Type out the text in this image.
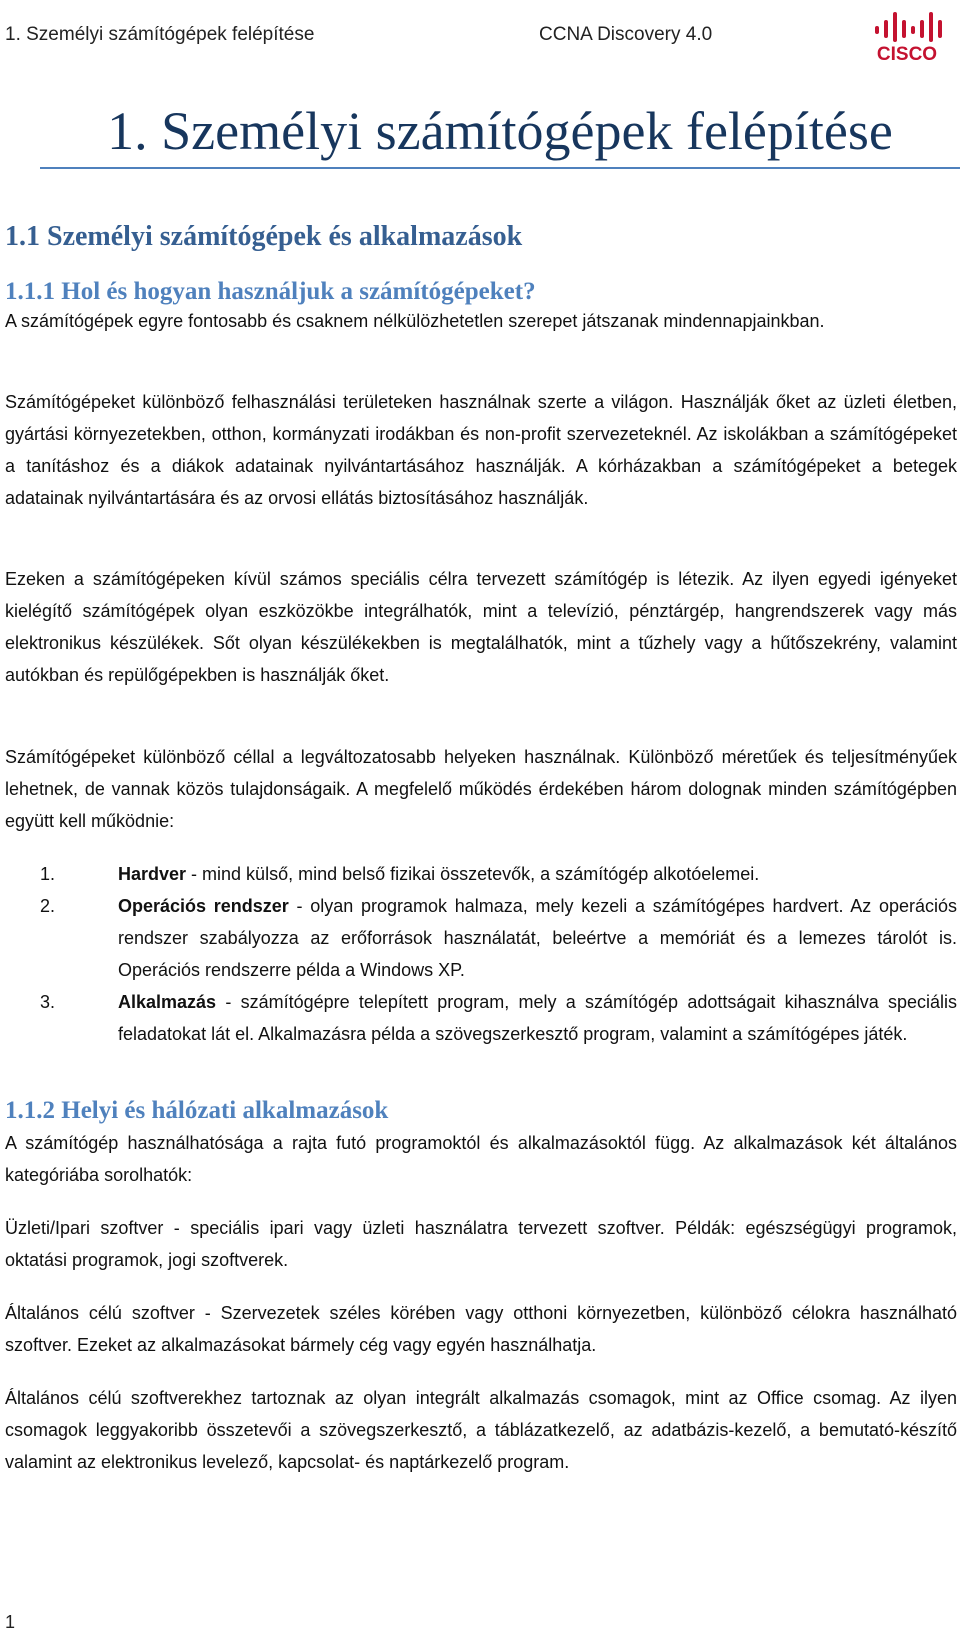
1. Személyi számítógépek felépítése	CCNA Discovery 4.0
CISCO
1. Személyi számítógépek felépítése
1.1 Személyi számítógépek és alkalmazások
1.1.1 Hol és hogyan használjuk a számítógépeket?
A számítógépek egyre fontosabb és csaknem nélkülözhetetlen szerepet játszanak mindennapjainkban.
Számítógépeket különböző felhasználási területeken használnak szerte a világon. Használják őket az üzleti életben, gyártási környezetekben, otthon, kormányzati irodákban és non-profit szervezeteknél. Az iskolákban a számítógépeket a tanításhoz és a diákok adatainak nyilvántartásához használják. A kórházakban a számítógépeket a betegek adatainak nyilvántartására és az orvosi ellátás biztosításához használják.
Ezeken a számítógépeken kívül számos speciális célra tervezett számítógép is létezik. Az ilyen egyedi igényeket kielégítő számítógépek olyan eszközökbe integrálhatók, mint a televízió, pénztárgép, hangrendszerek vagy más elektronikus készülékek. Sőt olyan készülékekben is megtalálhatók, mint a tűzhely vagy a hűtőszekrény, valamint autókban és repülőgépekben is használják őket.
Számítógépeket különböző céllal a legváltozatosabb helyeken használnak. Különböző méretűek és teljesítményűek lehetnek, de vannak közös tulajdonságaik. A megfelelő működés érdekében három dolognak minden számítógépben együtt kell működnie:
1.	Hardver - mind külső, mind belső fizikai összetevők, a számítógép alkotóelemei.
2.	Operációs rendszer - olyan programok halmaza, mely kezeli a számítógépes hardvert. Az operációs rendszer szabályozza az erőforrások használatát, beleértve a memóriát és a lemezes tárolót is. Operációs rendszerre példa a Windows XP.
3.	Alkalmazás - számítógépre telepített program, mely a számítógép adottságait kihasználva speciális feladatokat lát el. Alkalmazásra példa a szövegszerkesztő program, valamint a számítógépes játék.
1.1.2 Helyi és hálózati alkalmazások
A számítógép használhatósága a rajta futó programoktól és alkalmazásoktól függ. Az alkalmazások két általános kategóriába sorolhatók:
Üzleti/Ipari szoftver - speciális ipari vagy üzleti használatra tervezett szoftver. Példák: egészségügyi programok, oktatási programok, jogi szoftverek.
Általános célú szoftver - Szervezetek széles körében vagy otthoni környezetben, különböző célokra használható szoftver. Ezeket az alkalmazásokat bármely cég vagy egyén használhatja.
Általános célú szoftverekhez tartoznak az olyan integrált alkalmazás csomagok, mint az Office csomag. Az ilyen csomagok leggyakoribb összetevői a szövegszerkesztő, a táblázatkezelő, az adatbázis-kezelő, a bemutató-készítő valamint az elektronikus levelező, kapcsolat- és naptárkezelő program.
1
